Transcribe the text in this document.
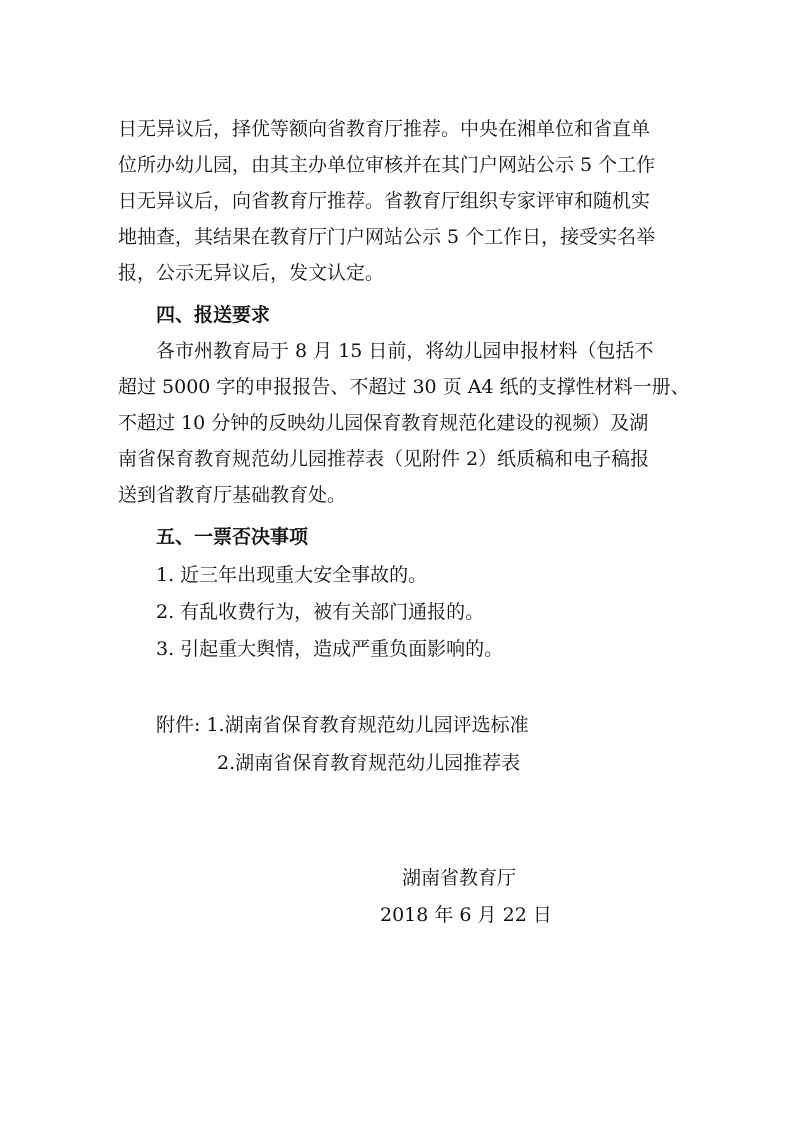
日无异议后，择优等额向省教育厅推荐。中央在湘单位和省直单
位所办幼儿园，由其主办单位审核并在其门户网站公示 5 个工作
日无异议后，向省教育厅推荐。省教育厅组织专家评审和随机实
地抽查，其结果在教育厅门户网站公示 5 个工作日，接受实名举
报，公示无异议后，发文认定。
四、报送要求
各市州教育局于 8 月 15 日前，将幼儿园申报材料（包括不
超过 5000 字的申报报告、不超过 30 页 A4 纸的支撑性材料一册、
不超过 10 分钟的反映幼儿园保育教育规范化建设的视频）及湖
南省保育教育规范幼儿园推荐表（见附件 2）纸质稿和电子稿报
送到省教育厅基础教育处。
五、一票否决事项
1. 近三年出现重大安全事故的。
2. 有乱收费行为，被有关部门通报的。
3. 引起重大舆情，造成严重负面影响的。
附件: 1.湖南省保育教育规范幼儿园评选标准
2.湖南省保育教育规范幼儿园推荐表
湖南省教育厅
2018 年 6 月 22 日
